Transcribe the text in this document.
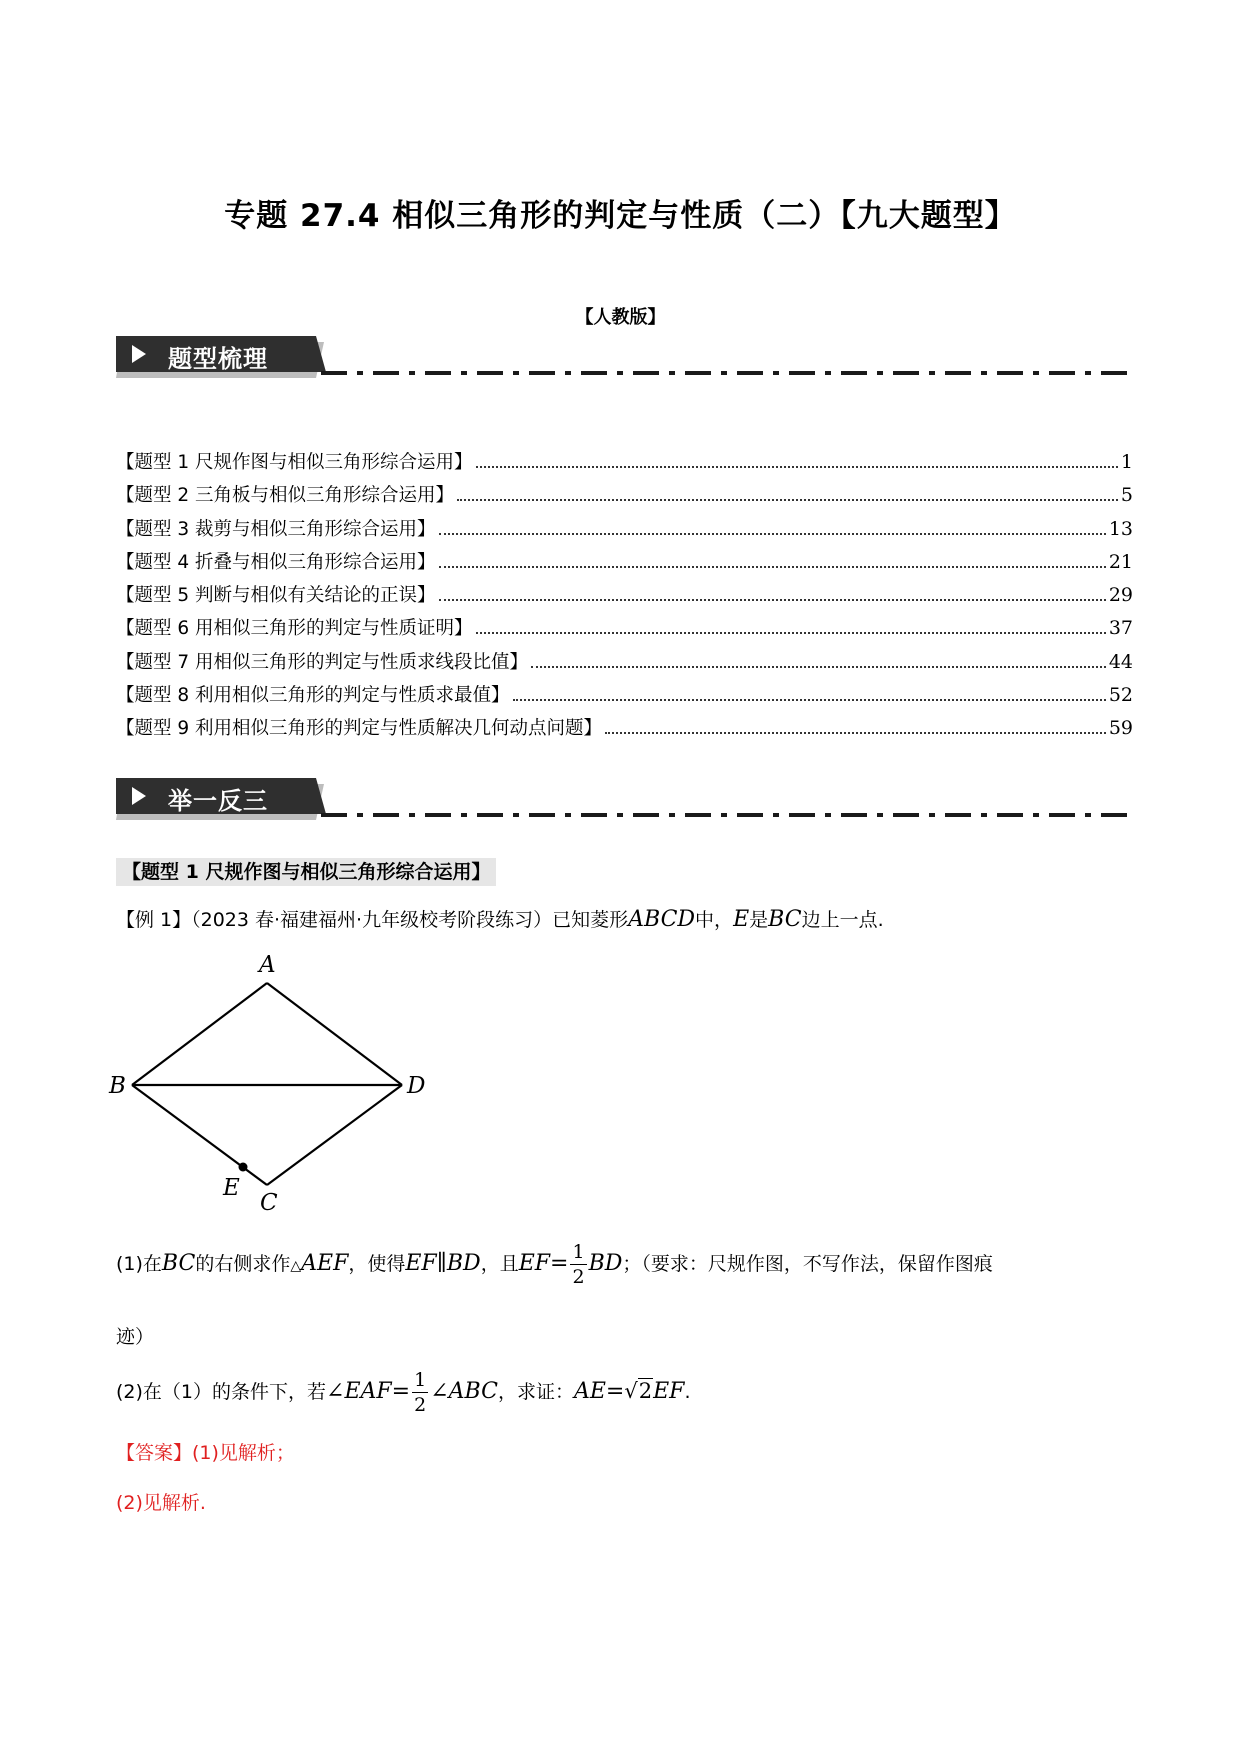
专题 27.4 相似三角形的判定与性质（二）【九大题型】
【人教版】
题型梳理
【题型 1 尺规作图与相似三角形综合运用】	1
【题型 2 三角板与相似三角形综合运用】	5
【题型 3 裁剪与相似三角形综合运用】	13
【题型 4 折叠与相似三角形综合运用】	21
【题型 5 判断与相似有关结论的正误】	29
【题型 6 用相似三角形的判定与性质证明】	37
【题型 7 用相似三角形的判定与性质求线段比值】	44
【题型 8 利用相似三角形的判定与性质求最值】	52
【题型 9 利用相似三角形的判定与性质解决几何动点问题】	59
举一反三
【题型 1 尺规作图与相似三角形综合运用】
【例 1】（2023 春·福建福州·九年级校考阶段练习）已知菱形ABCD中，E是BC边上一点.
A
B	D
E
C
(1)在BC的右侧求作△AEF，使得EF∥BD，且$EF= \frac{1}{2}$ BD；（要求：尺规作图，不写作法，保留作图痕
迹）
(2)在（1）的条件下，若∠EAF= $\frac{1}{2}$ ∠ABC，求证：AE=√2EF.
【答案】(1)见解析；
(2)见解析.
